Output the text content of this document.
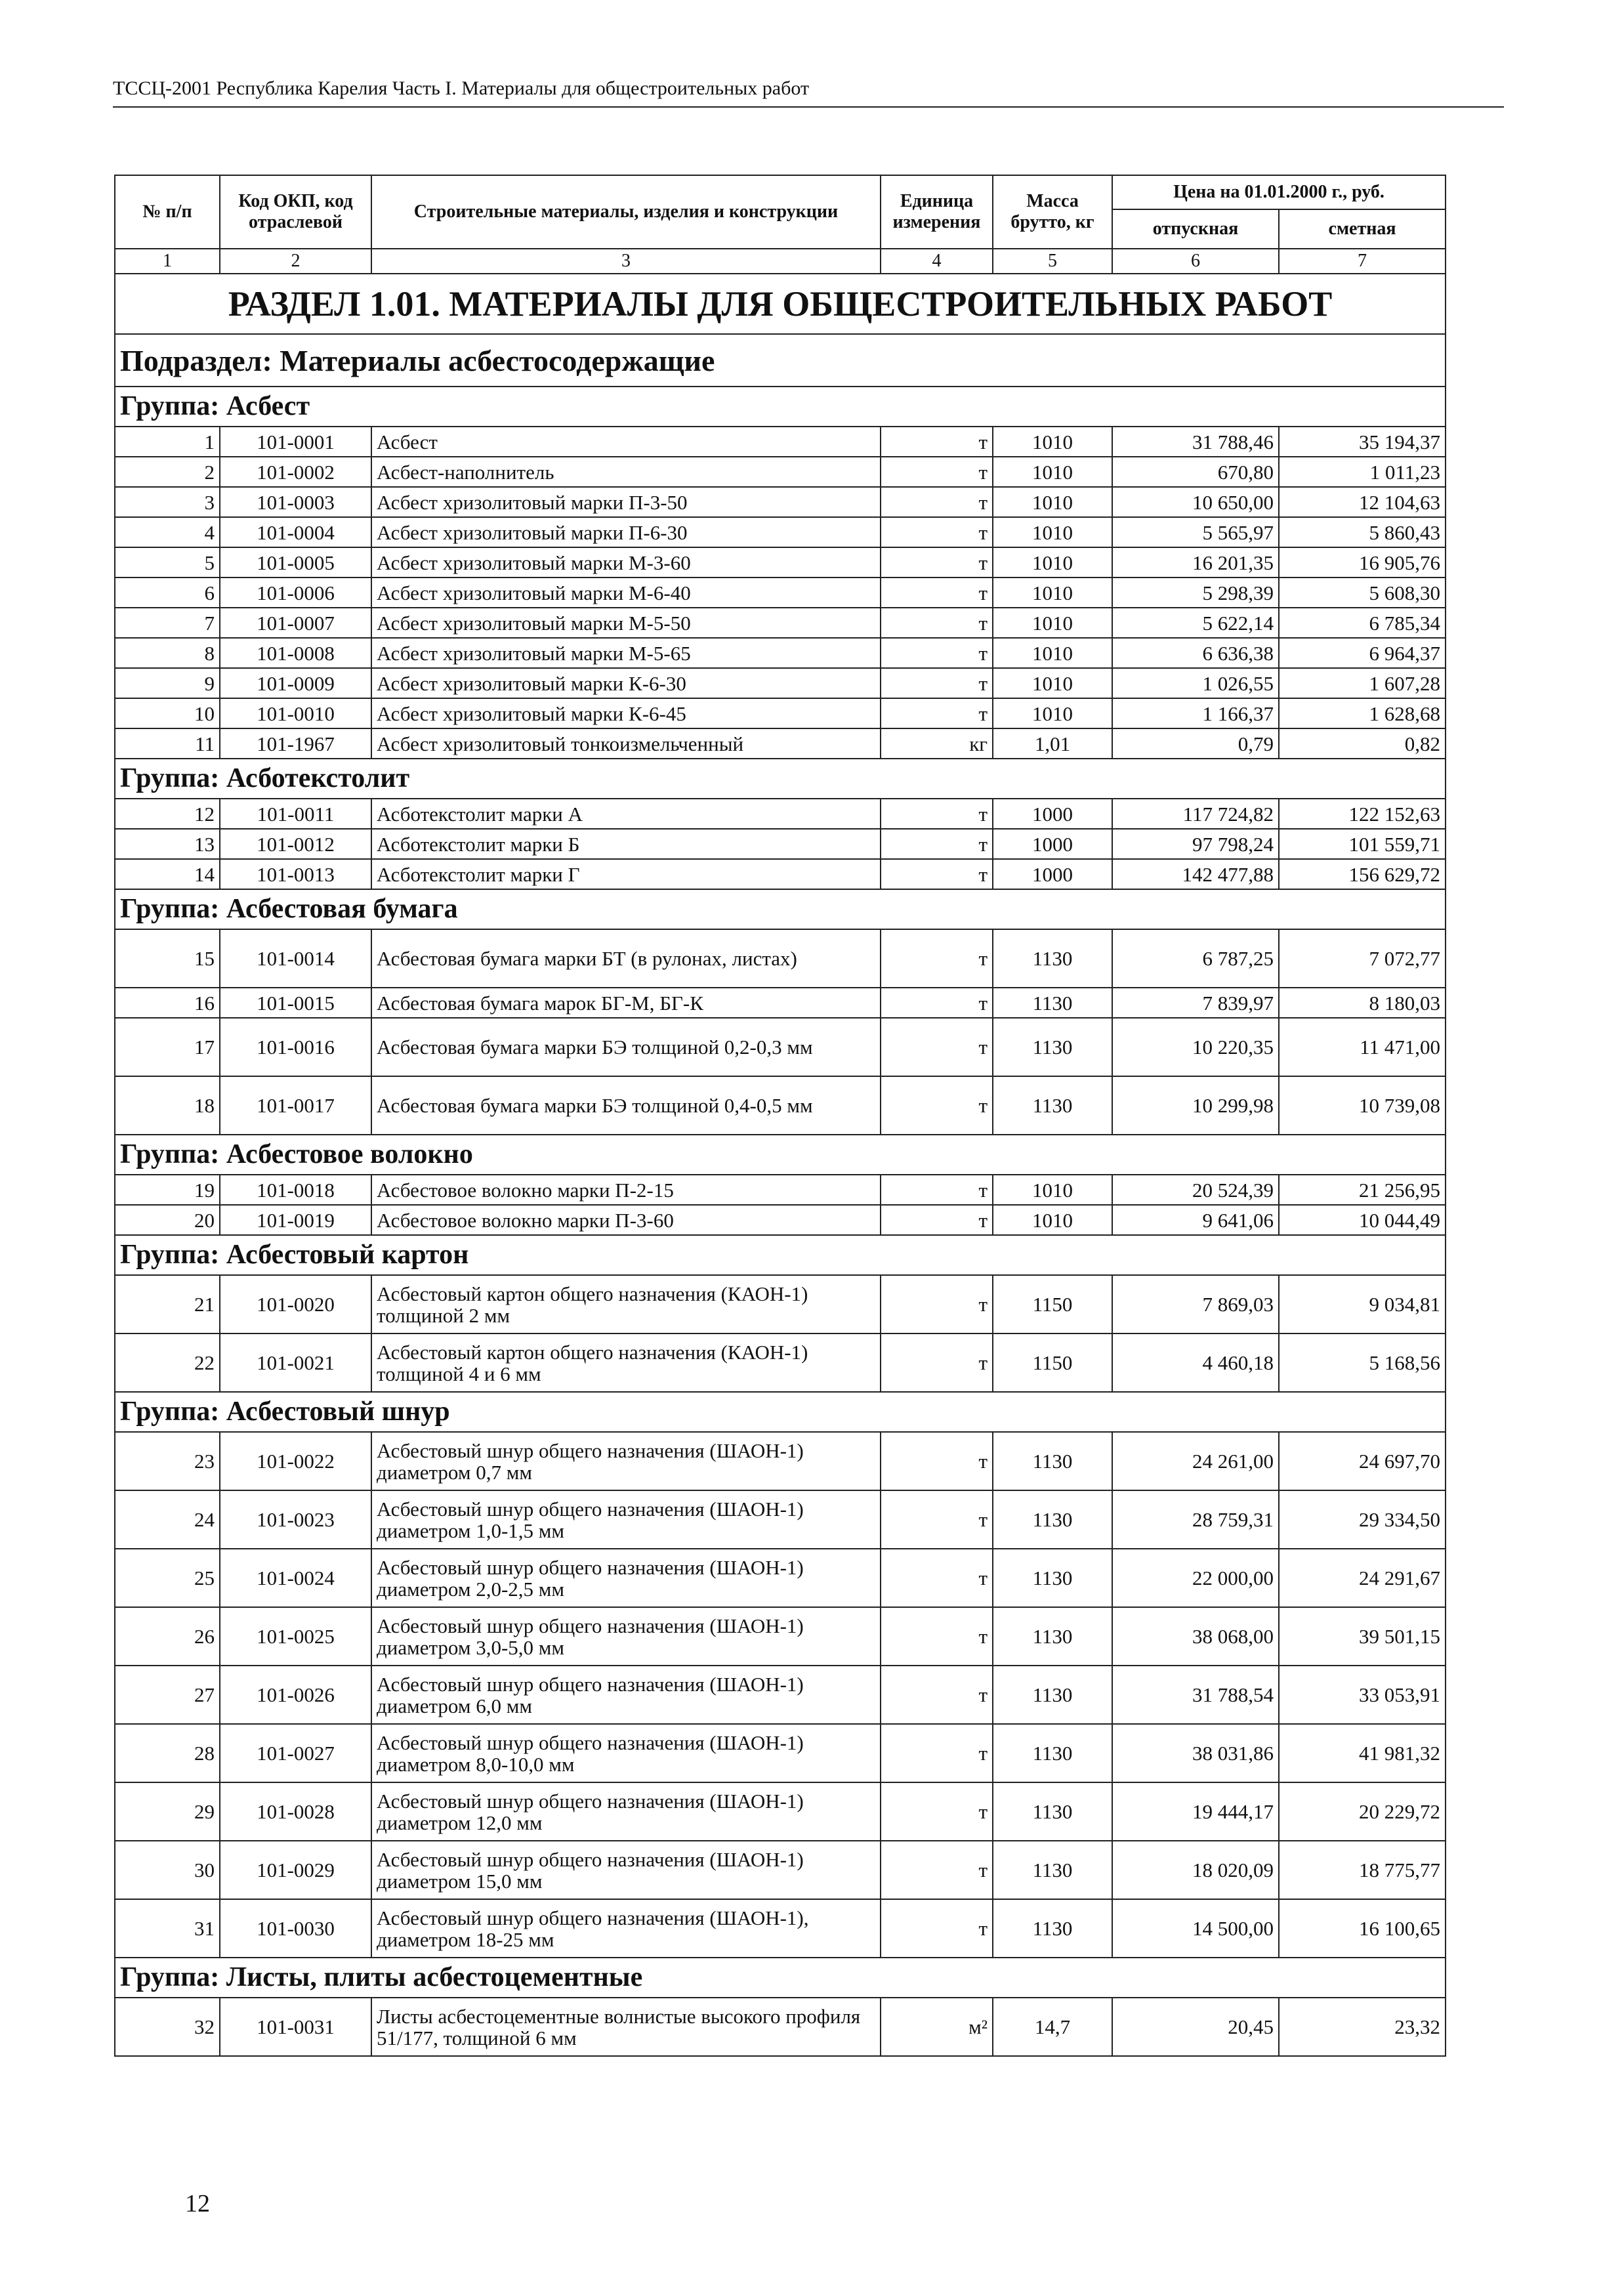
ТССЦ-2001 Республика Карелия Часть I. Материалы для общестроительных работ
№ п/п	Код ОКП, код отраслевой	Строительные материалы, изделия и конструкции	Единица измерения	Масса брутто, кг	Цена на 01.01.2000 г., руб.	
					отпускная	сметная
1	2	3	4	5	6	7
РАЗДЕЛ 1.01. МАТЕРИАЛЫ ДЛЯ ОБЩЕСТРОИТЕЛЬНЫХ РАБОТ						
Подраздел: Материалы асбестосодержащие						
Группа: Асбест						
1	101-0001	Асбест	т	1010	31 788,46	35 194,37
2	101-0002	Асбест-наполнитель	т	1010	670,80	1 011,23
3	101-0003	Асбест хризолитовый марки П-3-50	т	1010	10 650,00	12 104,63
4	101-0004	Асбест хризолитовый марки П-6-30	т	1010	5 565,97	5 860,43
5	101-0005	Асбест хризолитовый марки М-3-60	т	1010	16 201,35	16 905,76
6	101-0006	Асбест хризолитовый марки М-6-40	т	1010	5 298,39	5 608,30
7	101-0007	Асбест хризолитовый марки М-5-50	т	1010	5 622,14	6 785,34
8	101-0008	Асбест хризолитовый марки М-5-65	т	1010	6 636,38	6 964,37
9	101-0009	Асбест хризолитовый марки К-6-30	т	1010	1 026,55	1 607,28
10	101-0010	Асбест хризолитовый марки К-6-45	т	1010	1 166,37	1 628,68
11	101-1967	Асбест хризолитовый тонкоизмельченный	кг	1,01	0,79	0,82
Группа: Асботекстолит						
12	101-0011	Асботекстолит марки А	т	1000	117 724,82	122 152,63
13	101-0012	Асботекстолит марки Б	т	1000	97 798,24	101 559,71
14	101-0013	Асботекстолит марки Г	т	1000	142 477,88	156 629,72
Группа: Асбестовая бумага						
15	101-0014	Асбестовая бумага марки БТ (в рулонах, листах)	т	1130	6 787,25	7 072,77
16	101-0015	Асбестовая бумага марок БГ-М, БГ-К	т	1130	7 839,97	8 180,03
17	101-0016	Асбестовая бумага марки БЭ толщиной 0,2-0,3 мм	т	1130	10 220,35	11 471,00
18	101-0017	Асбестовая бумага марки БЭ толщиной 0,4-0,5 мм	т	1130	10 299,98	10 739,08
Группа: Асбестовое волокно						
19	101-0018	Асбестовое волокно марки П-2-15	т	1010	20 524,39	21 256,95
20	101-0019	Асбестовое волокно марки П-3-60	т	1010	9 641,06	10 044,49
Группа: Асбестовый картон						
21	101-0020	Асбестовый картон общего назначения (КАОН-1) толщиной 2 мм	т	1150	7 869,03	9 034,81
22	101-0021	Асбестовый картон общего назначения (КАОН-1) толщиной 4 и 6 мм	т	1150	4 460,18	5 168,56
Группа: Асбестовый шнур						
23	101-0022	Асбестовый шнур общего назначения (ШАОН-1) диаметром 0,7 мм	т	1130	24 261,00	24 697,70
24	101-0023	Асбестовый шнур общего назначения (ШАОН-1) диаметром 1,0-1,5 мм	т	1130	28 759,31	29 334,50
25	101-0024	Асбестовый шнур общего назначения (ШАОН-1) диаметром 2,0-2,5 мм	т	1130	22 000,00	24 291,67
26	101-0025	Асбестовый шнур общего назначения (ШАОН-1) диаметром 3,0-5,0 мм	т	1130	38 068,00	39 501,15
27	101-0026	Асбестовый шнур общего назначения (ШАОН-1) диаметром 6,0 мм	т	1130	31 788,54	33 053,91
28	101-0027	Асбестовый шнур общего назначения (ШАОН-1) диаметром 8,0-10,0 мм	т	1130	38 031,86	41 981,32
29	101-0028	Асбестовый шнур общего назначения (ШАОН-1) диаметром 12,0 мм	т	1130	19 444,17	20 229,72
30	101-0029	Асбестовый шнур общего назначения (ШАОН-1) диаметром 15,0 мм	т	1130	18 020,09	18 775,77
31	101-0030	Асбестовый шнур общего назначения (ШАОН-1), диаметром 18-25 мм	т	1130	14 500,00	16 100,65
Группа: Листы, плиты асбестоцементные						
32	101-0031	Листы асбестоцементные волнистые высокого профиля 51/177, толщиной 6 мм	м²	14,7	20,45	23,32
12
